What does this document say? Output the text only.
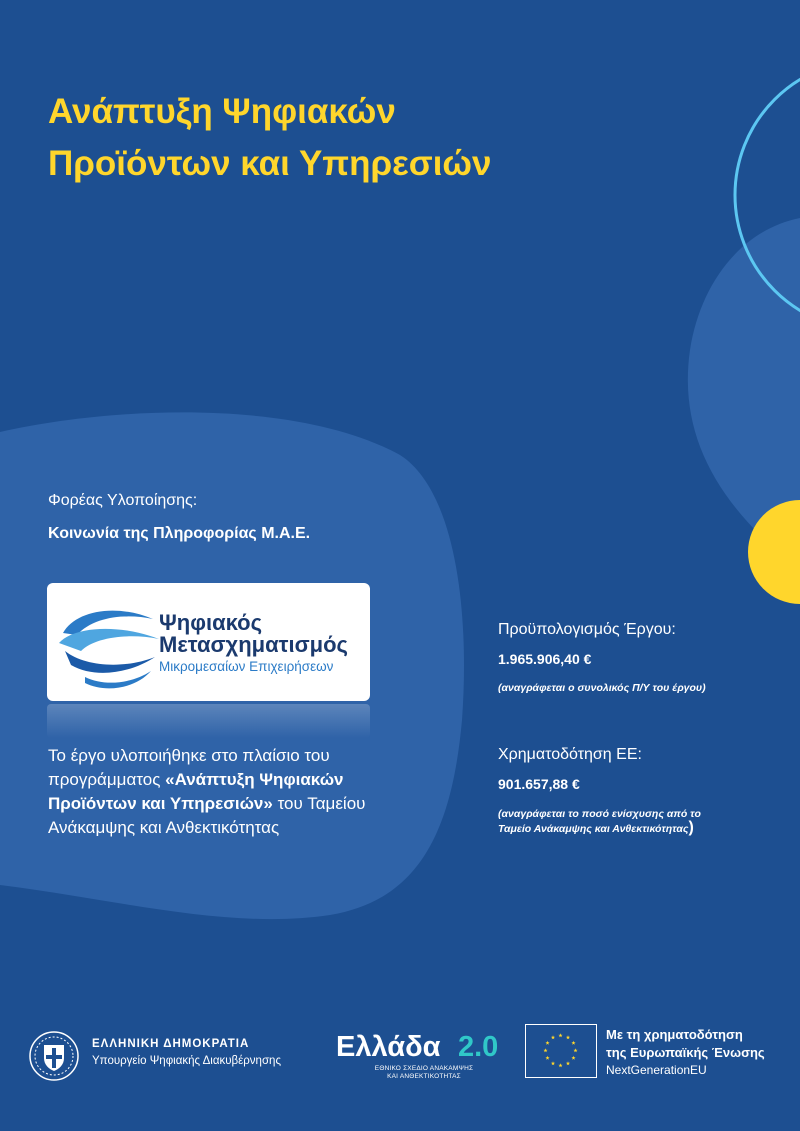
Ανάπτυξη Ψηφιακών
Προϊόντων και Υπηρεσιών
Φορέας Υλοποίησης:
Κοινωνία της Πληροφορίας Μ.Α.Ε.
Ψηφιακός
Μετασχηματισμός
Μικρομεσαίων Επιχειρήσεων
Το έργο υλοποιήθηκε στο πλαίσιο του προγράμματος «Ανάπτυξη Ψηφιακών Προϊόντων και Υπηρεσιών» του Ταμείου Ανάκαμψης και Ανθεκτικότητας
Προϋπολογισμός Έργου:
1.965.906,40 €
(αναγράφεται ο συνολικός Π/Υ του έργου)
Χρηματοδότηση ΕΕ:
901.657,88 €
(αναγράφεται το ποσό ενίσχυσης από το Ταμείο Ανάκαμψης και Ανθεκτικότητας)
ΕΛΛΗΝΙΚΗ ΔΗΜΟΚΡΑΤΙΑ
Υπουργείο Ψηφιακής Διακυβέρνησης Ελλάδα 2.0
ΕΘΝΙΚΟ ΣΧΕΔΙΟ ΑΝΑΚΑΜΨΗΣ
ΚΑΙ ΑΝΘΕΚΤΙΚΟΤΗΤΑΣ
Με τη χρηματοδότηση
της Ευρωπαϊκής Ένωσης
NextGenerationEU
